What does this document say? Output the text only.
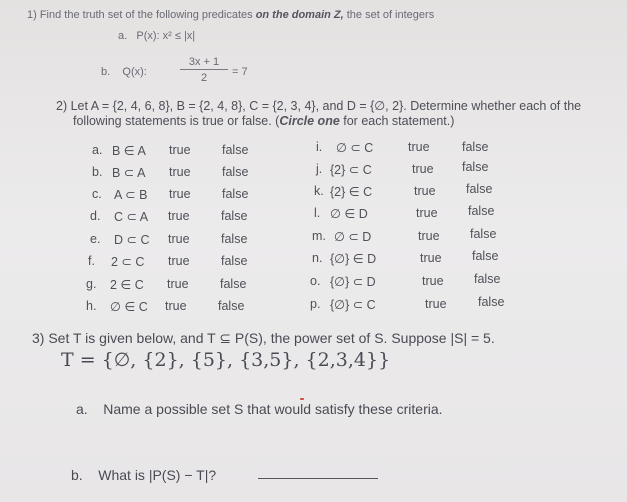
1) Find the truth set of the following predicates on the domain Z, the set of integers
a. P(x): x² ≤ |x|
b. Q(x):	$\frac{3x + 1}{2} = 7$
2) Let A = {2, 4, 6, 8}, B = {2, 4, 8}, C = {2, 3, 4}, and D = {∅, 2}. Determine whether each of the
following statements is true or false. (Circle one for each statement.)
a. B ∈ A true	false
b. B ⊂ A true	false
c. A ⊂ B true	false
d. C ⊂ A true	false
e. D ⊂ C true	false
f. 2 ⊂ C true	false
g. 2 ∈ C true	false
h. ∅ ∈ C true	false
i. ∅ ⊂ C	true	false
j. {2} ⊂ C	true false
k. {2} ∈ C	true false
l. ∅ ∈ D	true false
m. ∅ ⊂ D	true false
n. {∅} ∈ D	true false
o. {∅} ⊂ D	true false
p. {∅} ⊂ C	true	false
3) Set T is given below, and T ⊆ P(S), the power set of S. Suppose |S| = 5.
T = {∅, {2}, {5}, {3,5}, {2,3,4}}
a. Name a possible set S that would satisfy these criteria.
b. What is |P(S) − T|?
